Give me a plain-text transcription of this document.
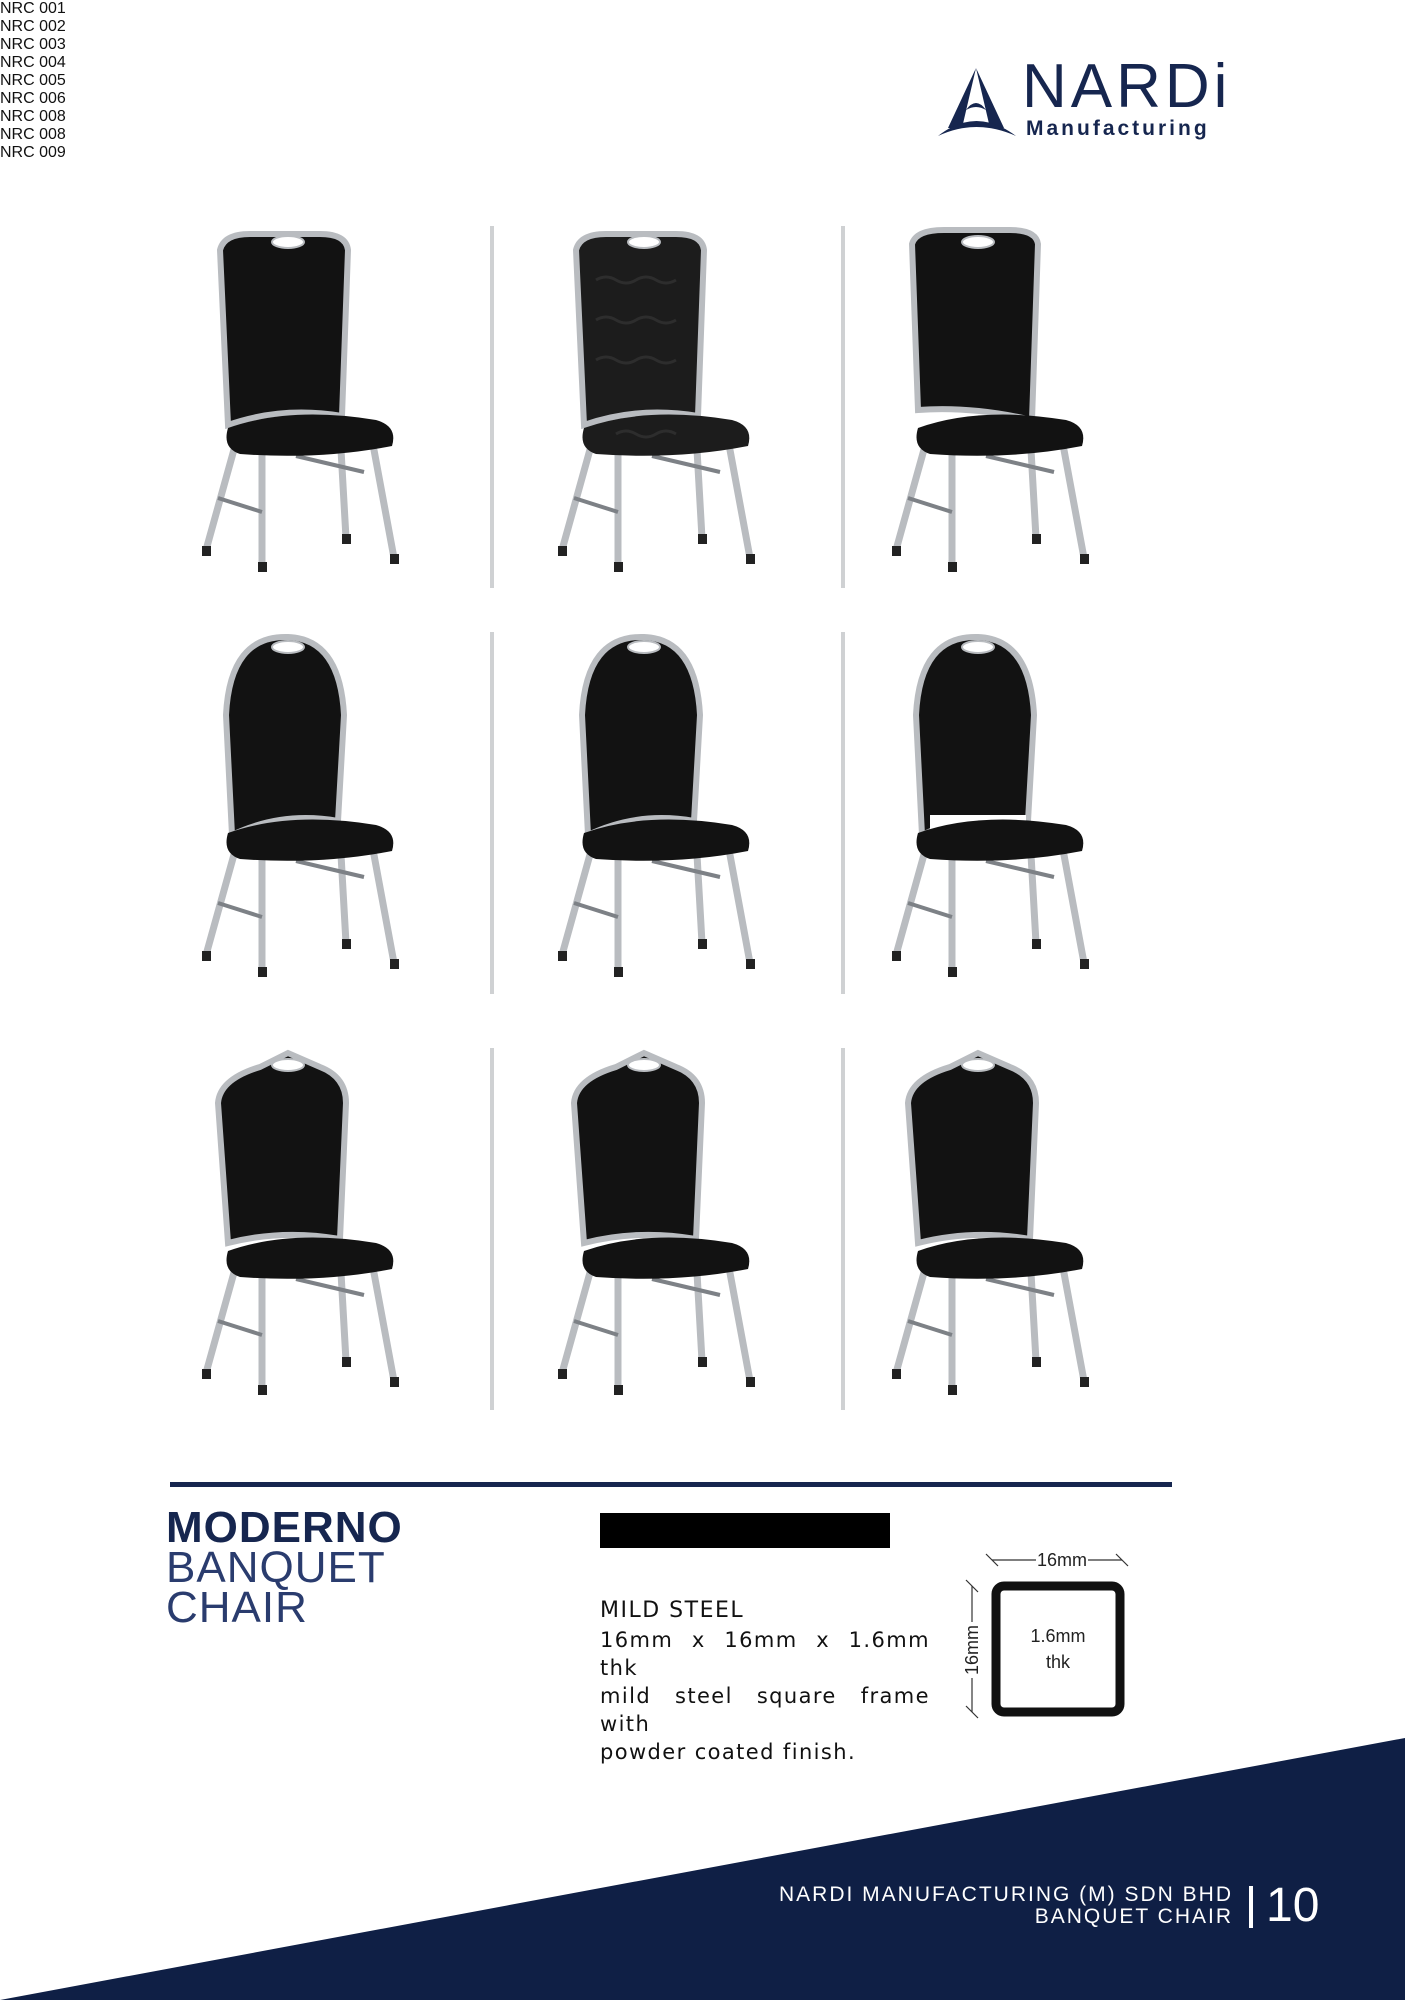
NARDi
Manufacturing
NRC 001
NRC 002
NRC 003
NRC 004
NRC 005
NRC 006
NRC 008
NRC 008
NRC 009
MODERNO
BANQUET
CHAIR	MILD STEEL
16mm x 16mm x 1.6mm thk
mild steel square frame with
powder coated finish.
16mm
16mm	1.6mm
thk
NARDI MANUFACTURING (M) SDN BHD
BANQUET CHAIR 10
